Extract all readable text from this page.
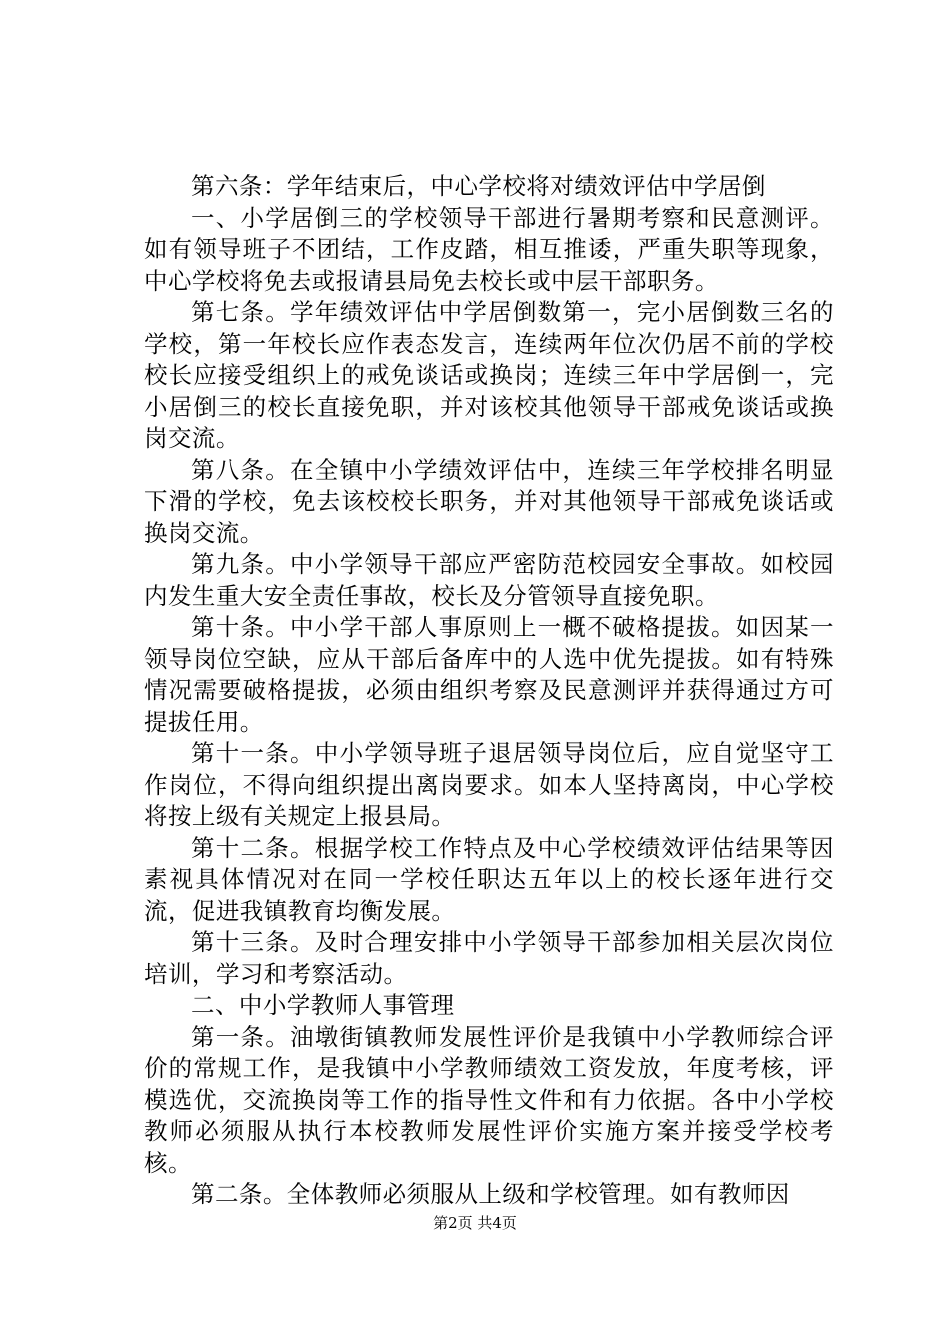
第六条：学年结束后，中心学校将对绩效评估中学居倒

一、小学居倒三的学校领导干部进行暑期考察和民意测评。如有领导班子不团结，工作皮踏，相互推诿，严重失职等现象，中心学校将免去或报请县局免去校长或中层干部职务。

第七条。学年绩效评估中学居倒数第一，完小居倒数三名的学校，第一年校长应作表态发言，连续两年位次仍居不前的学校校长应接受组织上的戒免谈话或换岗；连续三年中学居倒一，完小居倒三的校长直接免职，并对该校其他领导干部戒免谈话或换岗交流。

第八条。在全镇中小学绩效评估中，连续三年学校排名明显下滑的学校，免去该校校长职务，并对其他领导干部戒免谈话或换岗交流。

第九条。中小学领导干部应严密防范校园安全事故。如校园内发生重大安全责任事故，校长及分管领导直接免职。

第十条。中小学干部人事原则上一概不破格提拔。如因某一领导岗位空缺，应从干部后备库中的人选中优先提拔。如有特殊情况需要破格提拔，必须由组织考察及民意测评并获得通过方可提拔任用。

第十一条。中小学领导班子退居领导岗位后，应自觉坚守工作岗位，不得向组织提出离岗要求。如本人坚持离岗，中心学校将按上级有关规定上报县局。

第十二条。根据学校工作特点及中心学校绩效评估结果等因素视具体情况对在同一学校任职达五年以上的校长逐年进行交流，促进我镇教育均衡发展。

第十三条。及时合理安排中小学领导干部参加相关层次岗位培训，学习和考察活动。

二、中小学教师人事管理

第一条。油墩街镇教师发展性评价是我镇中小学教师综合评价的常规工作，是我镇中小学教师绩效工资发放，年度考核，评模选优，交流换岗等工作的指导性文件和有力依据。各中小学校教师必须服从执行本校教师发展性评价实施方案并接受学校考核。

第二条。全体教师必须服从上级和学校管理。如有教师因

第2页 共4页
